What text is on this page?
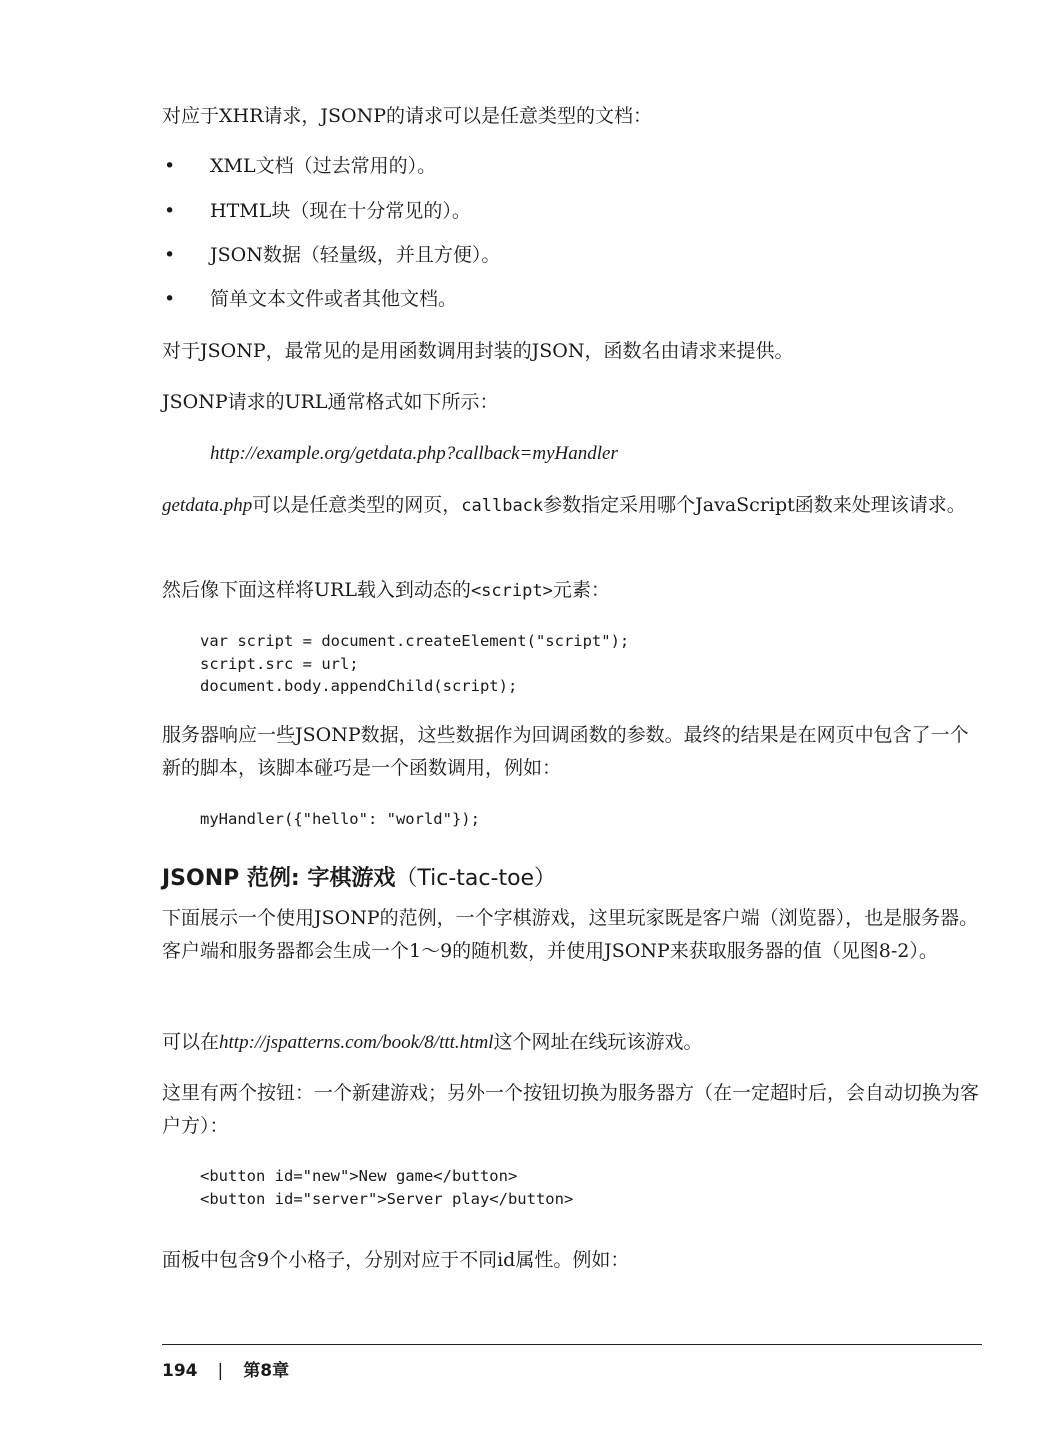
对应于XHR请求，JSONP的请求可以是任意类型的文档：

• XML文档（过去常用的）。
• HTML块（现在十分常见的）。
• JSON数据（轻量级，并且方便）。
• 简单文本文件或者其他文档。

对于JSONP，最常见的是用函数调用封装的JSON，函数名由请求来提供。

JSONP请求的URL通常格式如下所示：

http://example.org/getdata.php?callback=myHandler

getdata.php可以是任意类型的网页，callback参数指定采用哪个JavaScript函数来处理该请求。

然后像下面这样将URL载入到动态的<script>元素：

var script = document.createElement("script");
script.src = url;
document.body.appendChild(script);

服务器响应一些JSONP数据，这些数据作为回调函数的参数。最终的结果是在网页中包含了一个新的脚本，该脚本碰巧是一个函数调用，例如：

myHandler({"hello": "world"});
JSONP 范例: 字棋游戏（Tic-tac-toe）

下面展示一个使用JSONP的范例，一个字棋游戏，这里玩家既是客户端（浏览器），也是服务器。客户端和服务器都会生成一个1～9的随机数，并使用JSONP来获取服务器的值（见图8-2）。

可以在http://jspatterns.com/book/8/ttt.html这个网址在线玩该游戏。

这里有两个按钮：一个新建游戏；另外一个按钮切换为服务器方（在一定超时后，会自动切换为客户方）：

<button id="new">New game</button>
<button id="server">Server play</button>

面板中包含9个小格子，分别对应于不同id属性。例如：

194 | 第8章
